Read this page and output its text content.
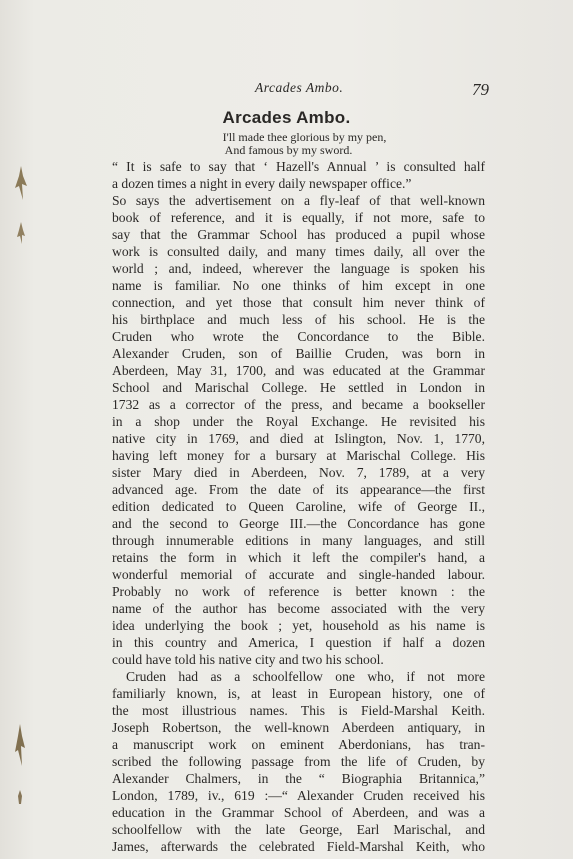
Arcades Ambo.	79
Arcades Ambo.
I'll made thee glorious by my pen,
And famous by my sword.
“ It is safe to say that ‘ Hazell's Annual ’ is consulted half
a dozen times a night in every daily newspaper office.”
So says the advertisement on a fly-leaf of that well-known
book of reference, and it is equally, if not more, safe to
say that the Grammar School has produced a pupil whose
work is consulted daily, and many times daily, all over the
world ; and, indeed, wherever the language is spoken his
name is familiar. No one thinks of him except in one
connection, and yet those that consult him never think of
his birthplace and much less of his school. He is the
Cruden who wrote the Concordance to the Bible.
Alexander Cruden, son of Baillie Cruden, was born in
Aberdeen, May 31, 1700, and was educated at the Grammar
School and Marischal College. He settled in London in
1732 as a corrector of the press, and became a bookseller
in a shop under the Royal Exchange. He revisited his
native city in 1769, and died at Islington, Nov. 1, 1770,
having left money for a bursary at Marischal College. His
sister Mary died in Aberdeen, Nov. 7, 1789, at a very
advanced age. From the date of its appearance—the first
edition dedicated to Queen Caroline, wife of George II.,
and the second to George III.—the Concordance has gone
through innumerable editions in many languages, and still
retains the form in which it left the compiler's hand, a
wonderful memorial of accurate and single-handed labour.
Probably no work of reference is better known : the
name of the author has become associated with the very
idea underlying the book ; yet, household as his name is
in this country and America, I question if half a dozen
could have told his native city and two his school.
Cruden had as a schoolfellow one who, if not more
familiarly known, is, at least in European history, one of
the most illustrious names. This is Field-Marshal Keith.
Joseph Robertson, the well-known Aberdeen antiquary, in
a manuscript work on eminent Aberdonians, has tran-
scribed the following passage from the life of Cruden, by
Alexander Chalmers, in the “ Biographia Britannica,”
London, 1789, iv., 619 :—“ Alexander Cruden received his
education in the Grammar School of Aberdeen, and was a
schoolfellow with the late George, Earl Marischal, and
James, afterwards the celebrated Field-Marshal Keith, who
